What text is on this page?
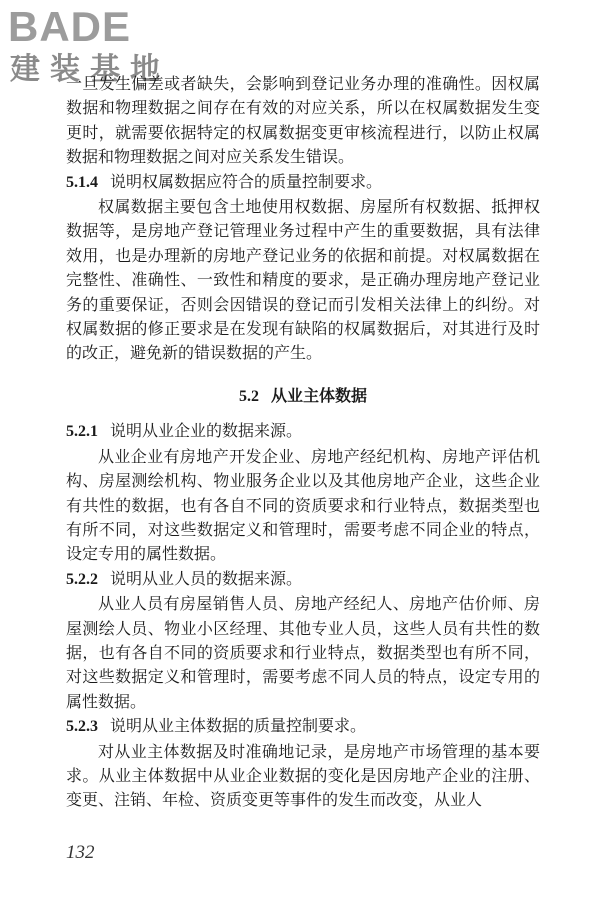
BADE
建装基地

一旦发生偏差或者缺失，会影响到登记业务办理的准确性。因权属数据和物理数据之间存在有效的对应关系，所以在权属数据发生变更时，就需要依据特定的权属数据变更审核流程进行，以防止权属数据和物理数据之间对应关系发生错误。

5.1.4 说明权属数据应符合的质量控制要求。

权属数据主要包含土地使用权数据、房屋所有权数据、抵押权数据等，是房地产登记管理业务过程中产生的重要数据，具有法律效用，也是办理新的房地产登记业务的依据和前提。对权属数据在完整性、准确性、一致性和精度的要求，是正确办理房地产登记业务的重要保证，否则会因错误的登记而引发相关法律上的纠纷。对权属数据的修正要求是在发现有缺陷的权属数据后，对其进行及时的改正，避免新的错误数据的产生。

5.2 从业主体数据

5.2.1 说明从业企业的数据来源。

从业企业有房地产开发企业、房地产经纪机构、房地产评估机构、房屋测绘机构、物业服务企业以及其他房地产企业，这些企业有共性的数据，也有各自不同的资质要求和行业特点，数据类型也有所不同，对这些数据定义和管理时，需要考虑不同企业的特点，设定专用的属性数据。

5.2.2 说明从业人员的数据来源。

从业人员有房屋销售人员、房地产经纪人、房地产估价师、房屋测绘人员、物业小区经理、其他专业人员，这些人员有共性的数据，也有各自不同的资质要求和行业特点，数据类型也有所不同，对这些数据定义和管理时，需要考虑不同人员的特点，设定专用的属性数据。

5.2.3 说明从业主体数据的质量控制要求。

对从业主体数据及时准确地记录，是房地产市场管理的基本要求。从业主体数据中从业企业数据的变化是因房地产企业的注册、变更、注销、年检、资质变更等事件的发生而改变，从业人

132
